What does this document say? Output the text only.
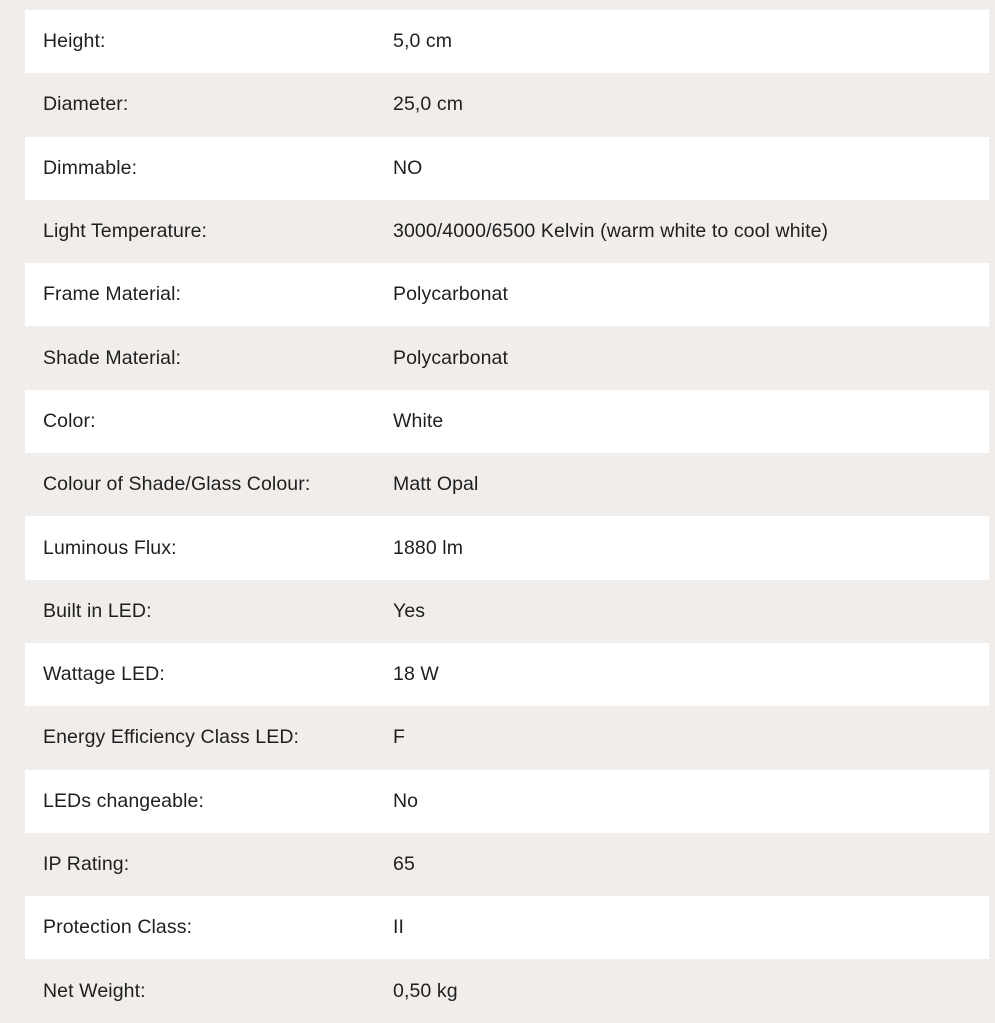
Height:	5,0 cm
Diameter:	25,0 cm
Dimmable:	NO
Light Temperature:	3000/4000/6500 Kelvin (warm white to cool white)
Frame Material:	Polycarbonat
Shade Material:	Polycarbonat
Color:	White
Colour of Shade/Glass Colour:	Matt Opal
Luminous Flux:	1880 lm
Built in LED:	Yes
Wattage LED:	18 W
Energy Efficiency Class LED:	F
LEDs changeable:	No
IP Rating:	65
Protection Class:	II
Net Weight:	0,50 kg
